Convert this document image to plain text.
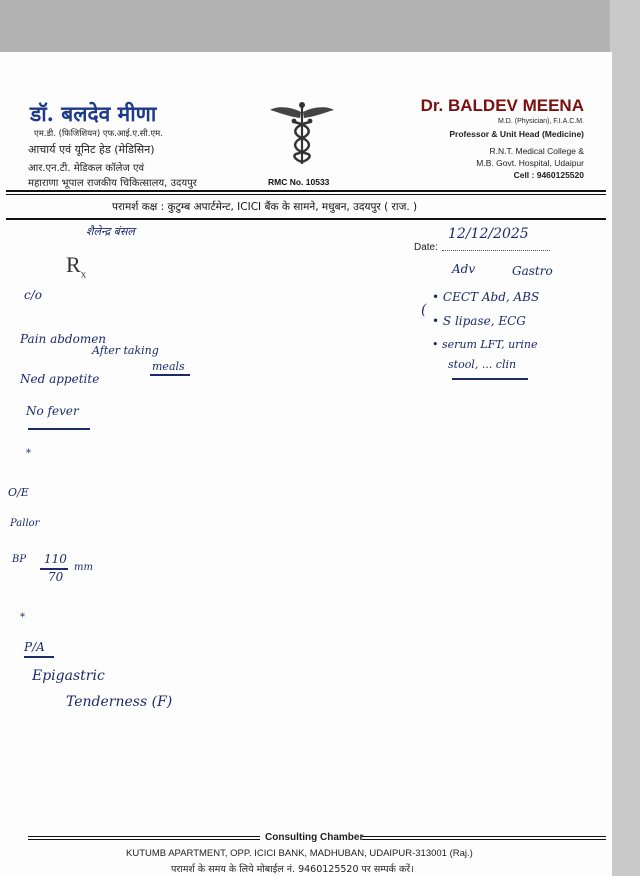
डॉ. बलदेव मीणा
एम.डी. (फिजिशियन) एफ.आई.ए.सी.एम.
आचार्य एवं यूनिट हेड (मेडिसिन)
आर.एन.टी. मेडिकल कॉलेज एवं
महाराणा भूपाल राजकीय चिकित्सालय, उदयपुर	RMC No. 10533
Dr. BALDEV MEENA
M.D. (Physician), F.I.A.C.M.
Professor & Unit Head (Medicine)
R.N.T. Medical College &
M.B. Govt. Hospital, Udaipur
Cell : 9460125520
परामर्श कक्ष : कुटुम्ब अपार्टमेन्ट, ICICI बैंक के सामने, मधुबन, उदयपुर ( राज. )
Date:
12/12/2025
$R_x$
शैलेन्द्र बंसल
c/o
Pain abdomen
After taking
meals
Ned appetite
No fever
*
O/E
Pallor
BP 110
70
mm
*
P/A
Epigastric
Tenderness (F)
Adv	Gastro
• CECT Abd, ABS
• S lipase, ECG
• serum LFT, urine
stool, ... clin
(
Consulting Chamber
KUTUMB APARTMENT, OPP. ICICI BANK, MADHUBAN, UDAIPUR-313001 (Raj.)
परामर्श के समय के लिये मोबाईल नं. 9460125520 पर सम्पर्क करें।
